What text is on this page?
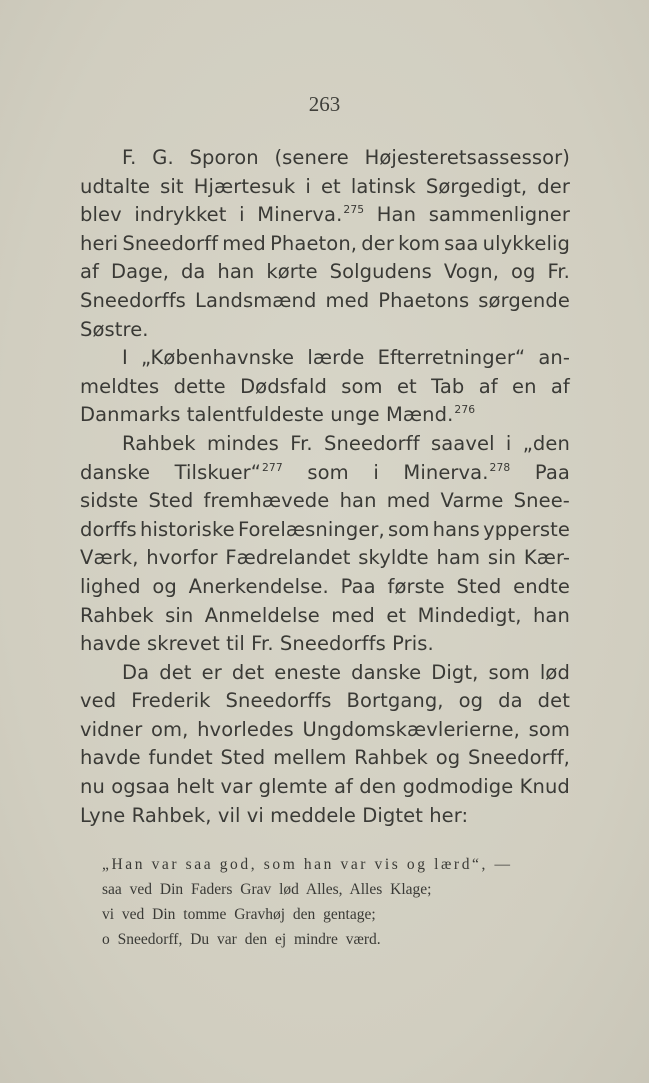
263
F. G. Sporon (senere Højesteretsassessor)
udtalte sit Hjærtesuk i et latinsk Sørgedigt, der
blev indrykket i Minerva.$^{275}$ Han sammenligner
heri Sneedorff med Phaeton, der kom saa ulykkelig
af Dage, da han kørte Solgudens Vogn, og Fr.
Sneedorffs Landsmænd med Phaetons sørgende
Søstre.
I „Københavnske lærde Efterretninger“ an-
meldtes dette Dødsfald som et Tab af en af
Danmarks talentfuldeste unge Mænd.$^{276}$
Rahbek mindes Fr. Sneedorff saavel i „den
danske Tilskuer“$^{277}$ som i Minerva.$^{278}$ Paa
sidste Sted fremhævede han med Varme Snee-
dorffs historiske Forelæsninger, som hans ypperste
Værk, hvorfor Fædrelandet skyldte ham sin Kær-
lighed og Anerkendelse. Paa første Sted endte
Rahbek sin Anmeldelse med et Mindedigt, han
havde skrevet til Fr. Sneedorffs Pris.
Da det er det eneste danske Digt, som lød
ved Frederik Sneedorffs Bortgang, og da det
vidner om, hvorledes Ungdomskævlerierne, som
havde fundet Sted mellem Rahbek og Sneedorff,
nu ogsaa helt var glemte af den godmodige Knud
Lyne Rahbek, vil vi meddele Digtet her:
„Han var saa god, som han var vis og lærd“, —
saa ved Din Faders Grav lød Alles, Alles Klage;
vi ved Din tomme Gravhøj den gentage;
o Sneedorff, Du var den ej mindre værd.
